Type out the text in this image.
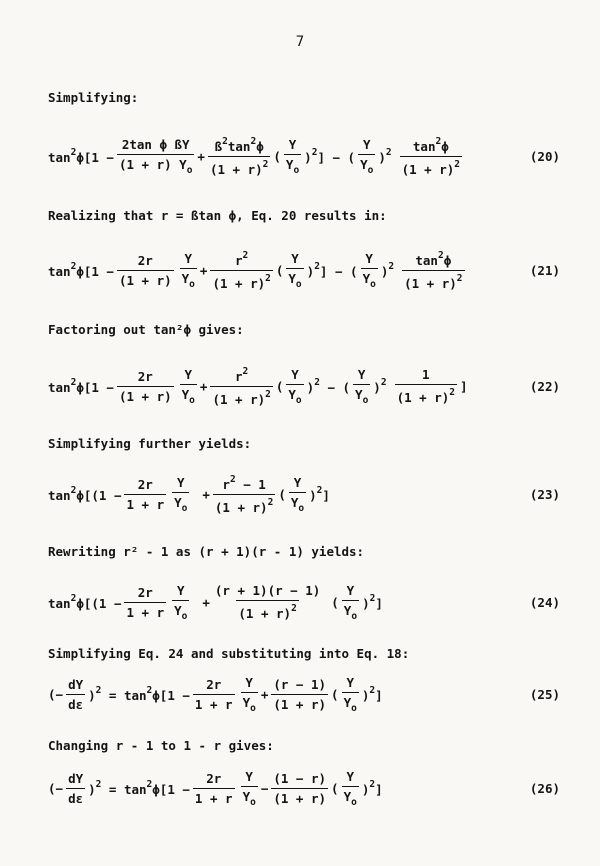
7
Simplifying:
$\tan^2\phi[1 - \frac{\text{2tan ϕ ßY}}{(1 + r) Y_o} + \frac{ß^2\tan^2\phi}{(1 + r)^2}$ ( $\frac{Y}{Y_o} )^2$] − ( $\frac{Y}{Y_o} )^2 \frac{\tan^2\phi}{(1 + r)^2}$	(20)
Realizing that r = ßtan ϕ, Eq. 20 results in:
$\tan^2\phi[1 - \frac{2r}{(1 + r)} \frac{Y}{Y_o} + \frac{r^2}{(1 + r)^2}$ ( $\frac{Y}{Y_o} )^2$] − ( $\frac{Y}{Y_o} )^2 \frac{\tan^2\phi}{(1 + r)^2}$	(21)
Factoring out tan²ϕ gives:
$\tan^2\phi[1 - \frac{2r}{(1 + r)} \frac{Y}{Y_o} + \frac{r^2}{(1 + r)^2}$ ( $\frac{Y}{Y_o} )^2$ − ( $\frac{Y}{Y_o} )^2 \frac{1}{(1 + r)^2}$ ]	(22)
Simplifying further yields:
$\tan^2\phi[(1 - \frac{2r}{1 + r} \frac{Y}{Y_o} + \frac{r^2 - 1}{(1 + r)^2}$ ( $\frac{Y}{Y_o} )^2$]	(23)
Rewriting r² - 1 as (r + 1)(r - 1) yields:
$\tan^2\phi[(1 - \frac{2r}{1 + r} \frac{Y}{Y_o} + \frac{(r + 1)(r - 1)}{(1 + r)^2}$ ( $\frac{Y}{Y_o} )^2$]	(24)
Simplifying Eq. 24 and substituting into Eq. 18:
(− $\frac{dY}{d\varepsilon} )^2 = \tan^2\phi[1 - \frac{2r}{1 + r} \frac{Y}{Y_o} + \frac{(r - 1)}{(1 + r)}$ ( $\frac{Y}{Y_o} )^2$]	(25)
Changing r - 1 to 1 - r gives:
(− $\frac{dY}{d\varepsilon} )^2 = \tan^2\phi[1 - \frac{2r}{1 + r} \frac{Y}{Y_o} - \frac{(1 - r)}{(1 + r)}$ ( $\frac{Y}{Y_o} )^2$]	(26)
